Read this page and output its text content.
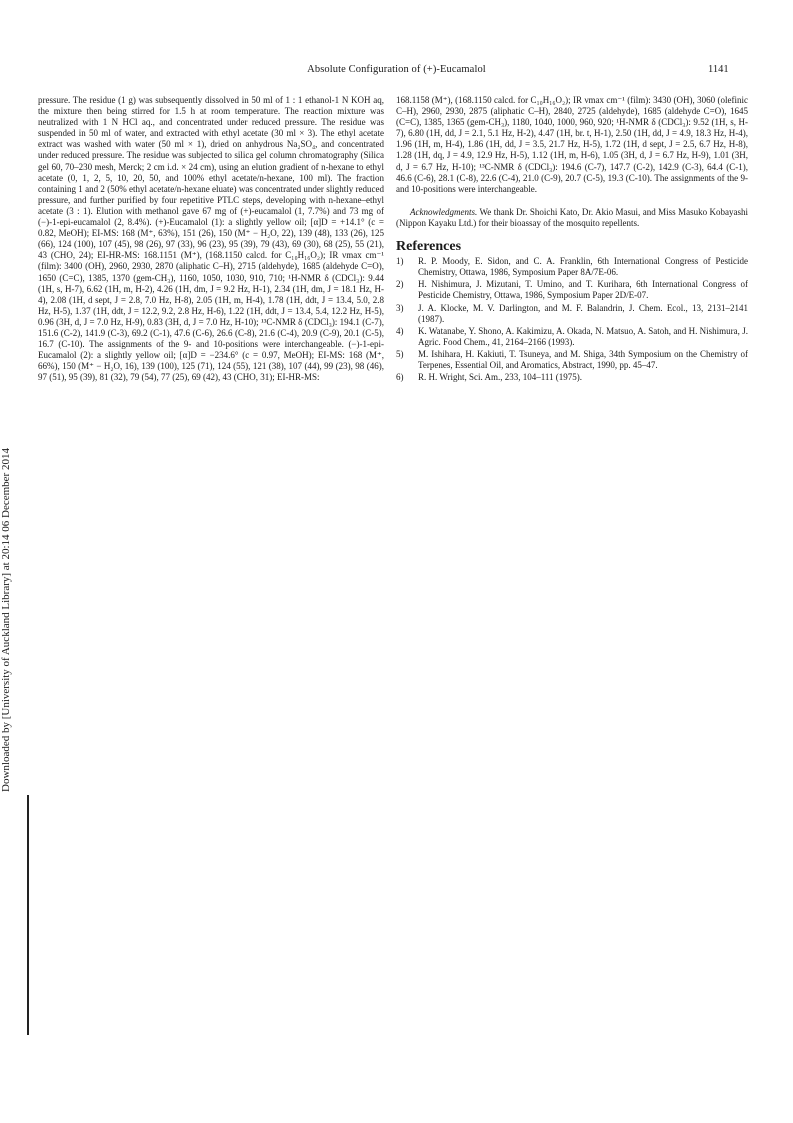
Absolute Configuration of (+)-Eucamalol	1141
Downloaded by [University of Auckland Library] at 20:14 06 December 2014

pressure. The residue (1 g) was subsequently dissolved in 50 ml of 1 : 1 ethanol-1 N KOH aq, the mixture then being stirred for 1.5 h at room temperature. The reaction mixture was neutralized with 1 N HCl aq., and concentrated under reduced pressure. The residue was suspended in 50 ml of water, and extracted with ethyl acetate (30 ml × 3). The ethyl acetate extract was washed with water (50 ml × 1), dried on anhydrous Na₂SO₄, and concentrated under reduced pressure. The residue was subjected to silica gel column chromatography (Silica gel 60, 70–230 mesh, Merck; 2 cm i.d. × 24 cm), using an elution gradient of n-hexane to ethyl acetate (0, 1, 2, 5, 10, 20, 50, and 100% ethyl acetate/n-hexane, 100 ml). The fraction containing 1 and 2 (50% ethyl acetate/n-hexane eluate) was concentrated under slightly reduced pressure, and further purified by four repetitive PTLC steps, developing with n-hexane–ethyl acetate (3 : 1). Elution with methanol gave 67 mg of (+)-eucamalol (1, 7.7%) and 73 mg of (−)-1-epi-eucamalol (2, 8.4%). (+)-Eucamalol (1): a slightly yellow oil; [α]D = +14.1° (c = 0.82, MeOH); EI-MS: 168 (M⁺, 63%), 151 (26), 150 (M⁺ − H₂O, 22), 139 (48), 133 (26), 125 (66), 124 (100), 107 (45), 98 (26), 97 (33), 96 (23), 95 (39), 79 (43), 69 (30), 68 (25), 55 (21), 43 (CHO, 24); EI-HR-MS: 168.1151 (M⁺), (168.1150 calcd. for C₁₀H₁₆O₂); IR νmax cm⁻¹ (film): 3400 (OH), 2960, 2930, 2870 (aliphatic C–H), 2715 (aldehyde), 1685 (aldehyde C=O), 1650 (C=C), 1385, 1370 (gem-CH₃), 1160, 1050, 1030, 910, 710; ¹H-NMR δ (CDCl₃): 9.44 (1H, s, H-7), 6.62 (1H, m, H-2), 4.26 (1H, dm, J = 9.2 Hz, H-1), 2.34 (1H, dm, J = 18.1 Hz, H-4), 2.08 (1H, d sept, J = 2.8, 7.0 Hz, H-8), 2.05 (1H, m, H-4), 1.78 (1H, ddt, J = 13.4, 5.0, 2.8 Hz, H-5), 1.37 (1H, ddt, J = 12.2, 9.2, 2.8 Hz, H-6), 1.22 (1H, ddt, J = 13.4, 5.4, 12.2 Hz, H-5), 0.96 (3H, d, J = 7.0 Hz, H-9), 0.83 (3H, d, J = 7.0 Hz, H-10); ¹³C-NMR δ (CDCl₃): 194.1 (C-7), 151.6 (C-2), 141.9 (C-3), 69.2 (C-1), 47.6 (C-6), 26.6 (C-8), 21.6 (C-4), 20.9 (C-9), 20.1 (C-5), 16.7 (C-10). The assignments of the 9- and 10-positions were interchangeable. (−)-1-epi-Eucamalol (2): a slightly yellow oil; [α]D = −234.6° (c = 0.97, MeOH); EI-MS: 168 (M⁺, 66%), 150 (M⁺ − H₂O, 16), 139 (100), 125 (71), 124 (55), 121 (38), 107 (44), 99 (23), 98 (46), 97 (51), 95 (39), 81 (32), 79 (54), 77 (25), 69 (42), 43 (CHO, 31); EI-HR-MS:

168.1158 (M⁺), (168.1150 calcd. for C₁₀H₁₆O₂); IR νmax cm⁻¹ (film): 3430 (OH), 3060 (olefinic C–H), 2960, 2930, 2875 (aliphatic C–H), 2840, 2725 (aldehyde), 1685 (aldehyde C=O), 1645 (C=C), 1385, 1365 (gem-CH₃), 1180, 1040, 1000, 960, 920; ¹H-NMR δ (CDCl₃): 9.52 (1H, s, H-7), 6.80 (1H, dd, J = 2.1, 5.1 Hz, H-2), 4.47 (1H, br. t, H-1), 2.50 (1H, dd, J = 4.9, 18.3 Hz, H-4), 1.96 (1H, m, H-4), 1.86 (1H, dd, J = 3.5, 21.7 Hz, H-5), 1.72 (1H, d sept, J = 2.5, 6.7 Hz, H-8), 1.28 (1H, dq, J = 4.9, 12.9 Hz, H-5), 1.12 (1H, m, H-6), 1.05 (3H, d, J = 6.7 Hz, H-9), 1.01 (3H, d, J = 6.7 Hz, H-10); ¹³C-NMR δ (CDCl₃): 194.6 (C-7), 147.7 (C-2), 142.9 (C-3), 64.4 (C-1), 46.6 (C-6), 28.1 (C-8), 22.6 (C-4), 21.0 (C-9), 20.7 (C-5), 19.3 (C-10). The assignments of the 9- and 10-positions were interchangeable.

Acknowledgments. We thank Dr. Shoichi Kato, Dr. Akio Masui, and Miss Masuko Kobayashi (Nippon Kayaku Ltd.) for their bioassay of the mosquito repellents.

References
1) R. P. Moody, E. Sidon, and C. A. Franklin, 6th International Congress of Pesticide Chemistry, Ottawa, 1986, Symposium Paper 8A/7E-06.
2) H. Nishimura, J. Mizutani, T. Umino, and T. Kurihara, 6th International Congress of Pesticide Chemistry, Ottawa, 1986, Symposium Paper 2D/E-07.
3) J. A. Klocke, M. V. Darlington, and M. F. Balandrin, J. Chem. Ecol., 13, 2131–2141 (1987).
4) K. Watanabe, Y. Shono, A. Kakimizu, A. Okada, N. Matsuo, A. Satoh, and H. Nishimura, J. Agric. Food Chem., 41, 2164–2166 (1993).
5) M. Ishihara, H. Kakiuti, T. Tsuneya, and M. Shiga, 34th Symposium on the Chemistry of Terpenes, Essential Oil, and Aromatics, Abstract, 1990, pp. 45–47.
6) R. H. Wright, Sci. Am., 233, 104–111 (1975).
